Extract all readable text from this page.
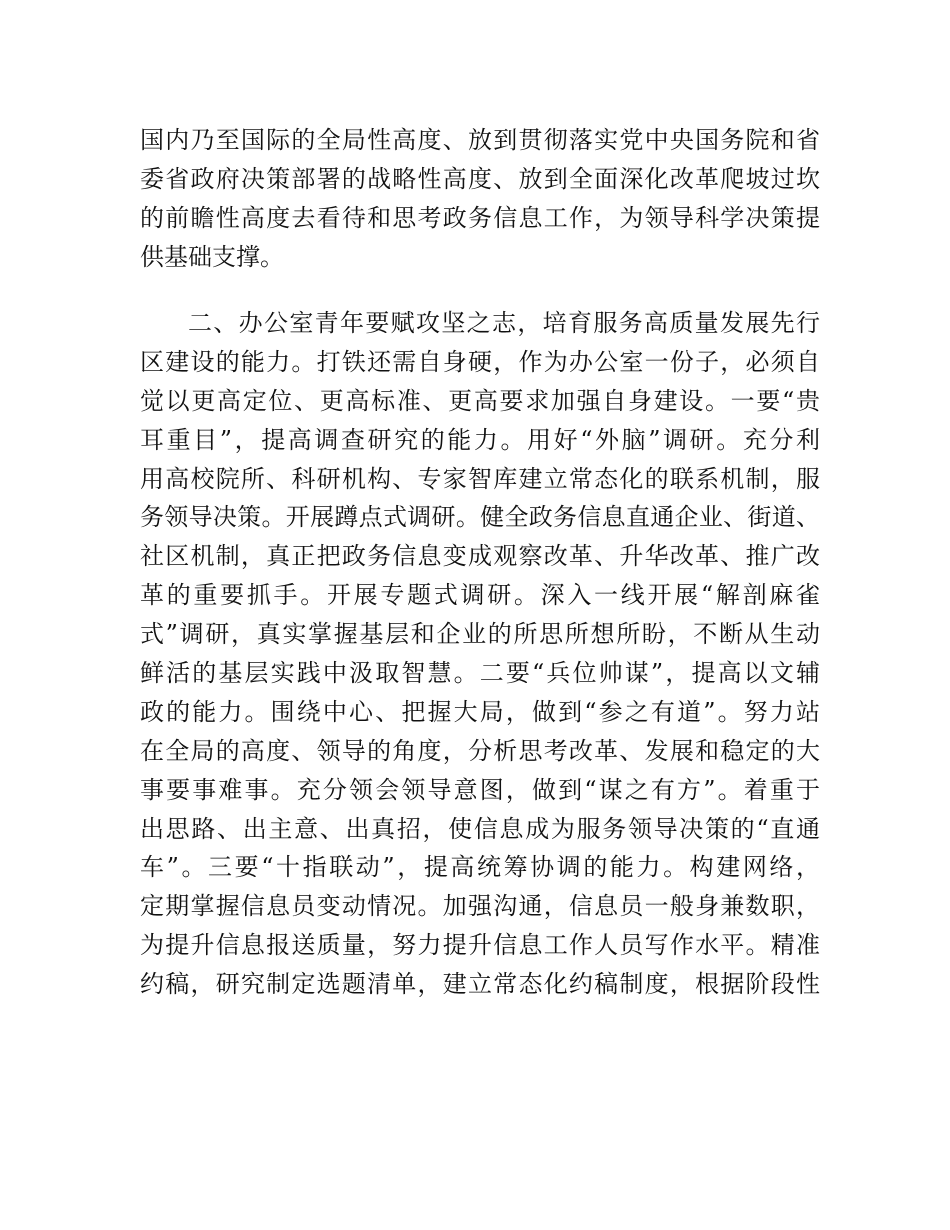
国内乃至国际的全局性高度、放到贯彻落实党中央国务院和省
委省政府决策部署的战略性高度、放到全面深化改革爬坡过坎
的前瞻性高度去看待和思考政务信息工作，为领导科学决策提
供基础支撑。
二、办公室青年要赋攻坚之志，培育服务高质量发展先行
区建设的能力。打铁还需自身硬，作为办公室一份子，必须自
觉以更高定位、更高标准、更高要求加强自身建设。一要“贵
耳重目”，提高调查研究的能力。用好“外脑”调研。充分利
用高校院所、科研机构、专家智库建立常态化的联系机制，服
务领导决策。开展蹲点式调研。健全政务信息直通企业、街道、
社区机制，真正把政务信息变成观察改革、升华改革、推广改
革的重要抓手。开展专题式调研。深入一线开展“解剖麻雀
式”调研，真实掌握基层和企业的所思所想所盼，不断从生动
鲜活的基层实践中汲取智慧。二要“兵位帅谋”，提高以文辅
政的能力。围绕中心、把握大局，做到“参之有道”。努力站
在全局的高度、领导的角度，分析思考改革、发展和稳定的大
事要事难事。充分领会领导意图，做到“谋之有方”。着重于
出思路、出主意、出真招，使信息成为服务领导决策的“直通
车”。三要“十指联动”，提高统筹协调的能力。构建网络，
定期掌握信息员变动情况。加强沟通，信息员一般身兼数职，
为提升信息报送质量，努力提升信息工作人员写作水平。精准
约稿，研究制定选题清单，建立常态化约稿制度，根据阶段性
